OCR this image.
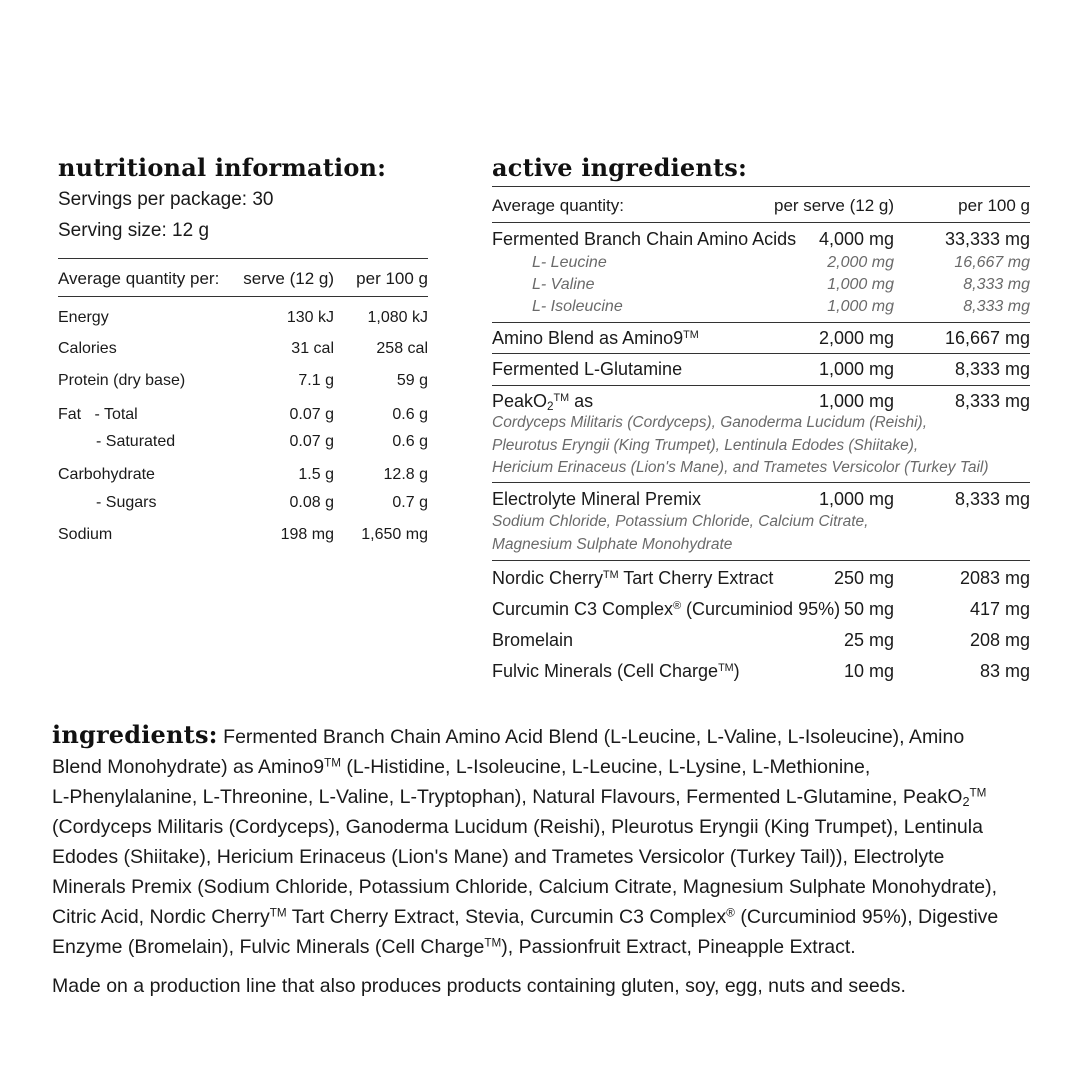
nutritional information:
Servings per package: 30
Serving size: 12 g
Average quantity per: serve (12 g) per 100 g
Energy	130 kJ 1,080 kJ
Calories	31 cal	258 cal
Protein (dry base)	7.1 g	59 g
Fat   - Total	0.07 g	0.6 g
- Saturated	0.07 g	0.6 g
Carbohydrate	1.5 g	12.8 g
- Sugars	0.08 g	0.7 g
Sodium	198 mg 1,650 mg
active ingredients:
Average quantity:	per serve (12 g)	per 100 g
Fermented Branch Chain Amino Acids 4,000 mg	33,333 mg
L- Leucine	2,000 mg	16,667 mg
L- Valine	1,000 mg	8,333 mg
L- Isoleucine	1,000 mg	8,333 mg
Amino Blend as Amino9™	2,000 mg	16,667 mg
Fermented L-Glutamine	1,000 mg	8,333 mg
PeakO$_2$™ as	1,000 mg	8,333 mg
Cordyceps Militaris (Cordyceps), Ganoderma Lucidum (Reishi),
Pleurotus Eryngii (King Trumpet), Lentinula Edodes (Shiitake),
Hericium Erinaceus (Lion's Mane), and Trametes Versicolor (Turkey Tail)
Electrolyte Mineral Premix	1,000 mg	8,333 mg
Sodium Chloride, Potassium Chloride, Calcium Citrate,
Magnesium Sulphate Monohydrate
Nordic Cherry™ Tart Cherry Extract	250 mg	2083 mg
Curcumin C3 Complex® (Curcuminiod 95%) 50 mg	417 mg
Bromelain	25 mg	208 mg
Fulvic Minerals (Cell Charge™)	10 mg	83 mg
ingredients: Fermented Branch Chain Amino Acid Blend (L-Leucine, L-Valine, L-Isoleucine), Amino
Blend Monohydrate) as Amino9™ (L-Histidine, L-Isoleucine, L-Leucine, L-Lysine, L-Methionine,
L-Phenylalanine, L-Threonine, L-Valine, L-Tryptophan), Natural Flavours, Fermented L-Glutamine, PeakO$_2$™
(Cordyceps Militaris (Cordyceps), Ganoderma Lucidum (Reishi), Pleurotus Eryngii (King Trumpet), Lentinula
Edodes (Shiitake), Hericium Erinaceus (Lion's Mane) and Trametes Versicolor (Turkey Tail)), Electrolyte
Minerals Premix (Sodium Chloride, Potassium Chloride, Calcium Citrate, Magnesium Sulphate Monohydrate),
Citric Acid, Nordic Cherry™ Tart Cherry Extract, Stevia, Curcumin C3 Complex® (Curcuminiod 95%), Digestive
Enzyme (Bromelain), Fulvic Minerals (Cell Charge™), Passionfruit Extract, Pineapple Extract.
Made on a production line that also produces products containing gluten, soy, egg, nuts and seeds.
